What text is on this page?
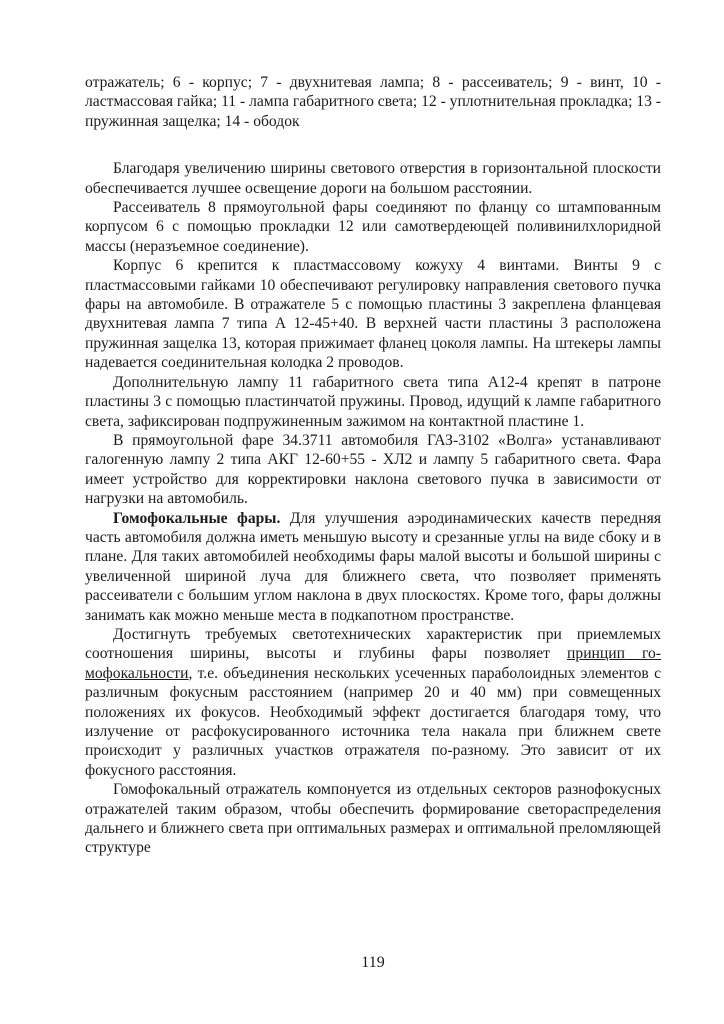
отражатель; 6 - корпус; 7 - двухнитевая лампа; 8 - рассеиватель; 9 - винт, 10 - ластмассовая гайка; 11 - лампа габаритного света; 12 - уплотнительная прокладка; 13 - пружинная защелка; 14 - ободок

Благодаря увеличению ширины светового отверстия в горизонтальной плоскости обеспечивается лучшее освещение дороги на большом расстоянии.

Рассеиватель 8 прямоугольной фары соединяют по фланцу со штампованным корпусом 6 с помощью прокладки 12 или самотвердеющей поливинилхлоридной массы (неразъемное соединение).

Корпус 6 крепится к пластмассовому кожуху 4 винтами. Винты 9 с пластмассовыми гайками 10 обеспечивают регулировку направления светового пучка фары на автомобиле. В отражателе 5 с помощью пластины 3 закреплена фланцевая двухнитевая лампа 7 типа А 12-45+40. В верхней части пластины 3 расположена пружинная защелка 13, которая прижимает фланец цоколя лампы. На штекеры лампы надевается соединительная колодка 2 проводов.

Дополнительную лампу 11 габаритного света типа А12-4 крепят в патроне пластины 3 с помощью пластинчатой пружины. Провод, идущий к лампе габаритного света, зафиксирован подпружиненным зажимом на контактной пластине 1.

В прямоугольной фаре 34.3711 автомобиля ГАЗ-3102 «Волга» устанавливают галогенную лампу 2 типа АКГ 12-60+55 - ХЛ2 и лампу 5 габаритного света. Фара имеет устройство для корректировки наклона светового пучка в зависимости от нагрузки на автомобиль.

Гомофокальные фары. Для улучшения аэродинамических качеств передняя часть автомобиля должна иметь меньшую высоту и срезанные углы на виде сбоку и в плане. Для таких автомобилей необходимы фары малой высоты и большой ширины с увеличенной шириной луча для ближнего света, что позволяет применять рассеиватели с большим углом наклона в двух плоскостях. Кроме того, фары должны занимать как можно меньше места в подкапотном пространстве.

Достигнуть требуемых светотехнических характеристик при приемлемых соотношения ширины, высоты и глубины фары позволяет принцип го-мофокальности, т.е. объединения нескольких усеченных параболоидных элементов с различным фокусным расстоянием (например 20 и 40 мм) при совмещенных положениях их фокусов. Необходимый эффект достигается благодаря тому, что излучение от расфокусированного источника тела накала при ближнем свете происходит у различных участков отражателя по-разному. Это зависит от их фокусного расстояния.

Гомофокальный отражатель компонуется из отдельных секторов разнофокусных отражателей таким образом, чтобы обеспечить формирование светораспределения дальнего и ближнего света при оптимальных размерах и оптимальной преломляющей структуре

119
